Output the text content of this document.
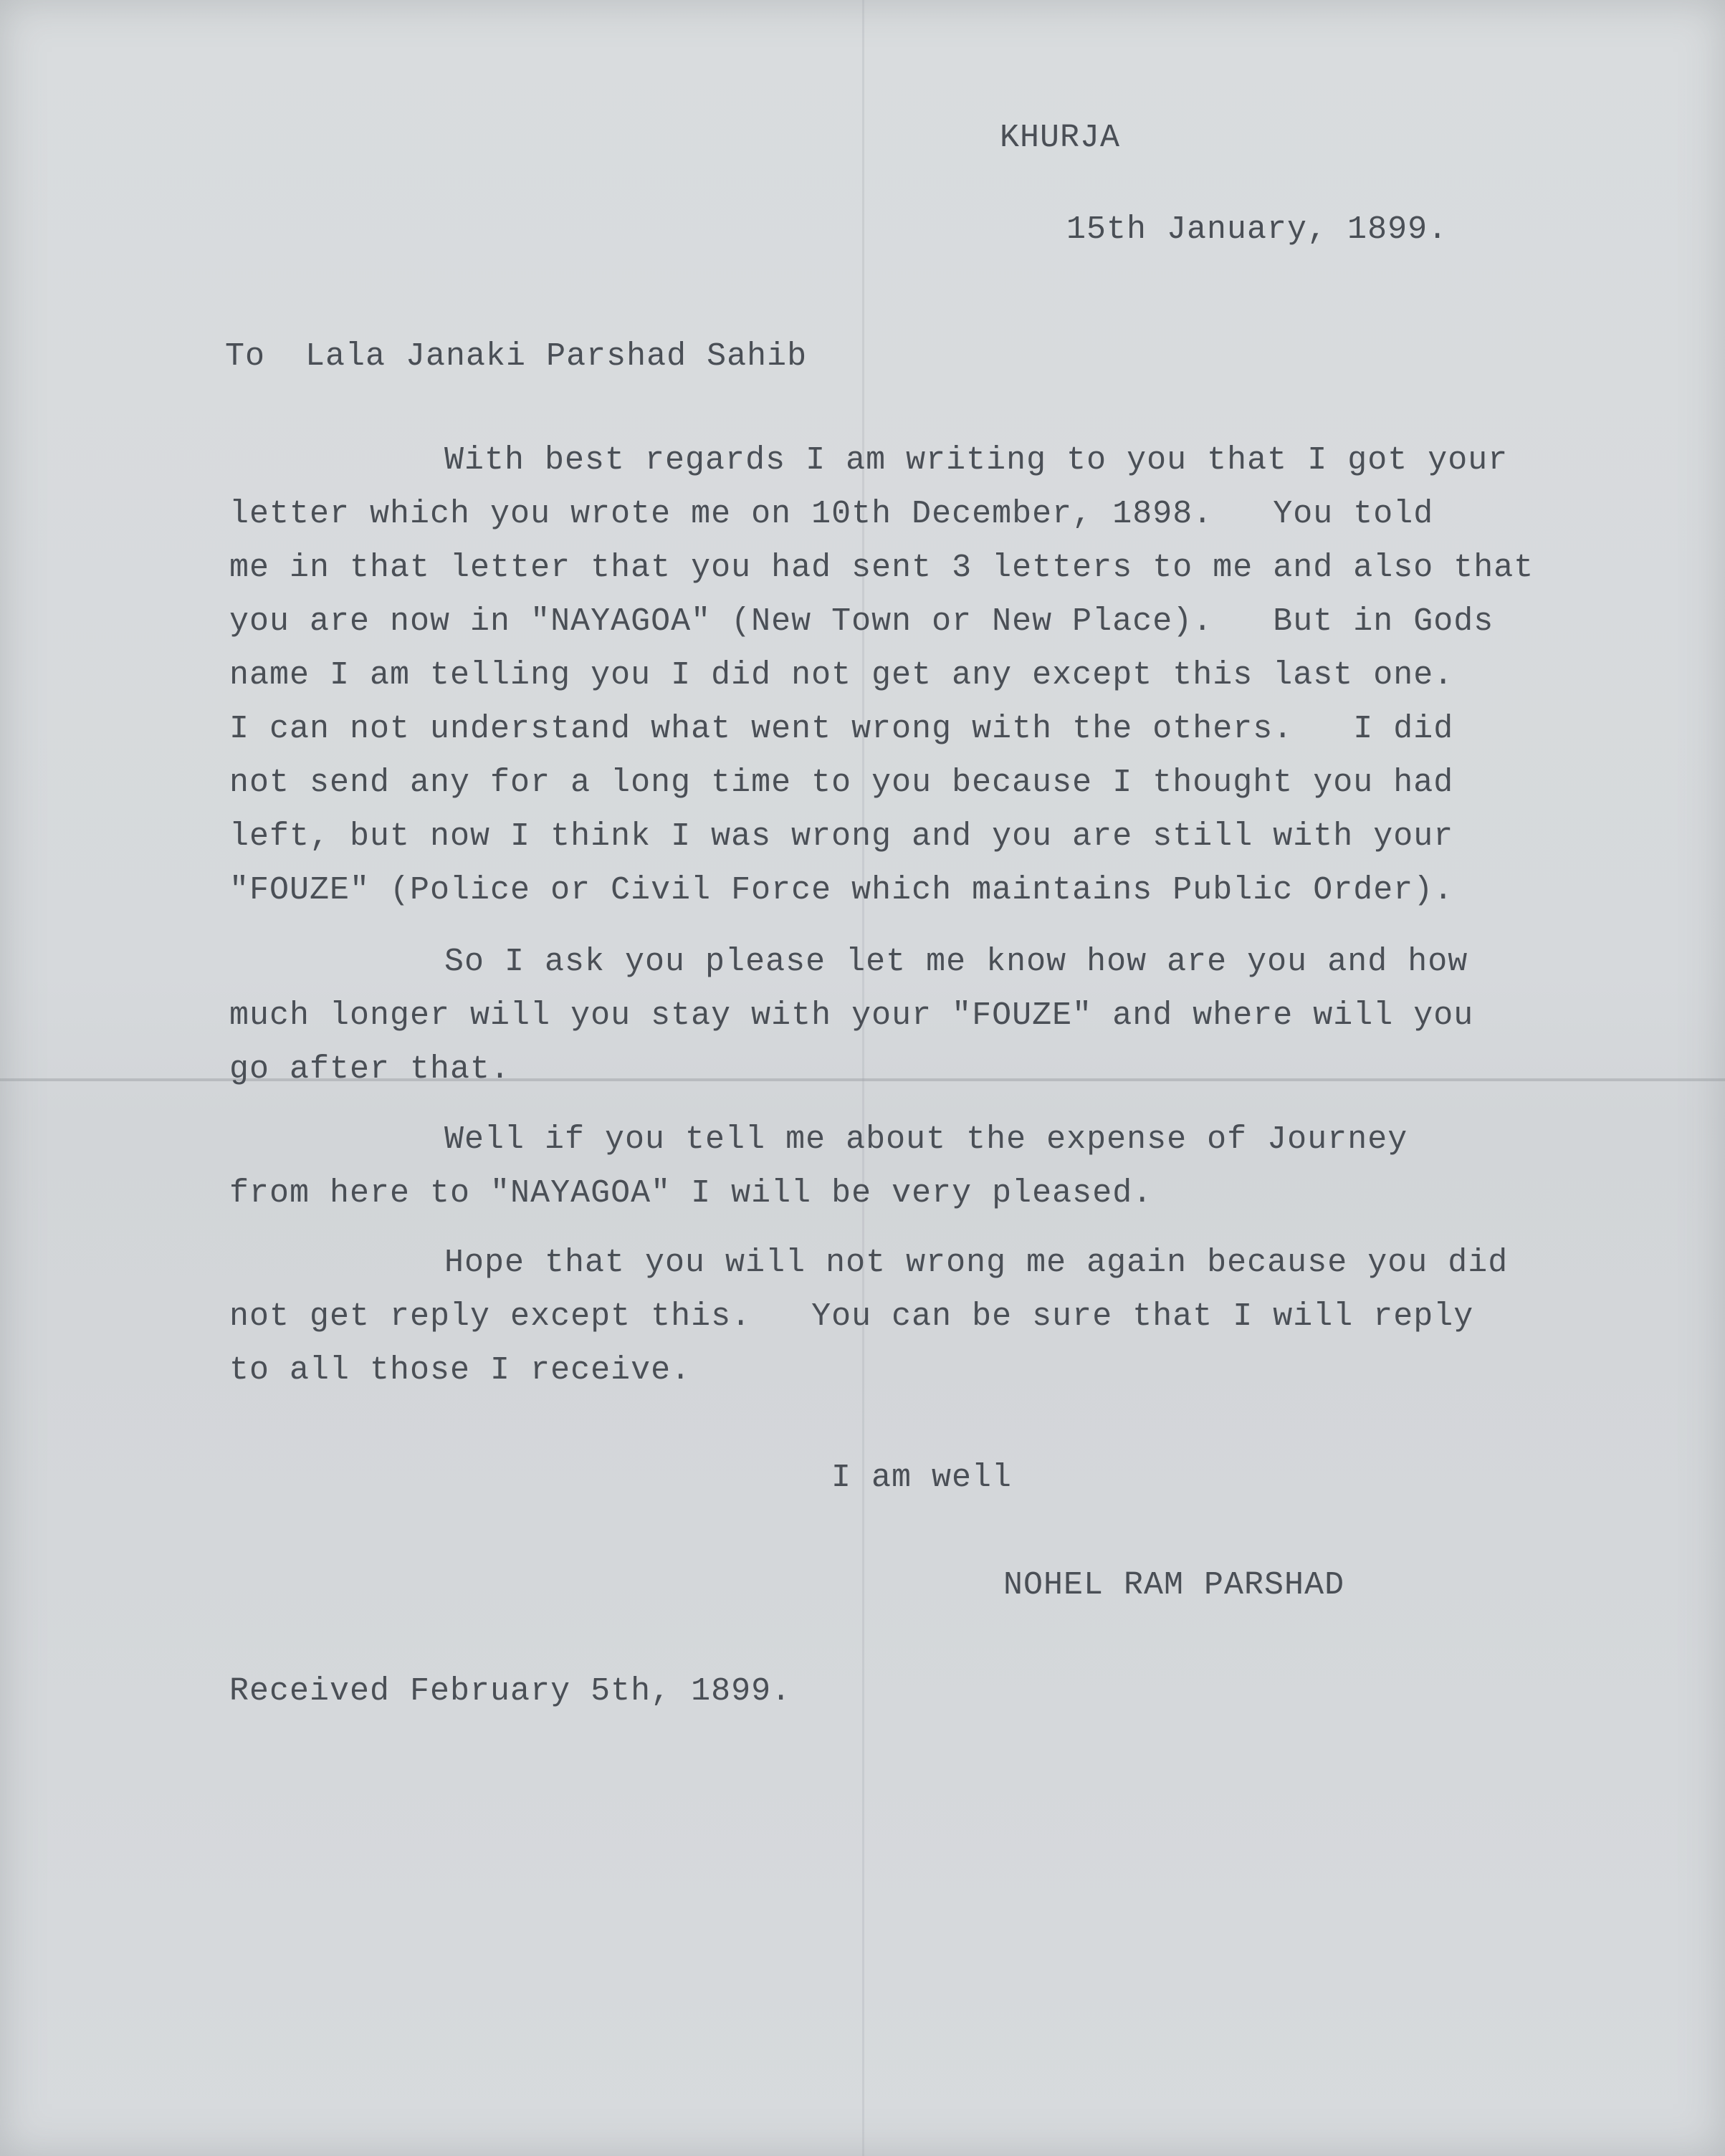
KHURJA
15th January, 1899.
To  Lala Janaki Parshad Sahib
With best regards I am writing to you that I got your
letter which you wrote me on 10th December, 1898.   You told
me in that letter that you had sent 3 letters to me and also that
you are now in "NAYAGOA" (New Town or New Place).   But in Gods
name I am telling you I did not get any except this last one.
I can not understand what went wrong with the others.   I did
not send any for a long time to you because I thought you had
left, but now I think I was wrong and you are still with your
"FOUZE" (Police or Civil Force which maintains Public Order).
So I ask you please let me know how are you and how
much longer will you stay with your "FOUZE" and where will you
go after that.
Well if you tell me about the expense of Journey
from here to "NAYAGOA" I will be very pleased.
Hope that you will not wrong me again because you did
not get reply except this.   You can be sure that I will reply
to all those I receive.
I am well
NOHEL RAM PARSHAD
Received February 5th, 1899.
